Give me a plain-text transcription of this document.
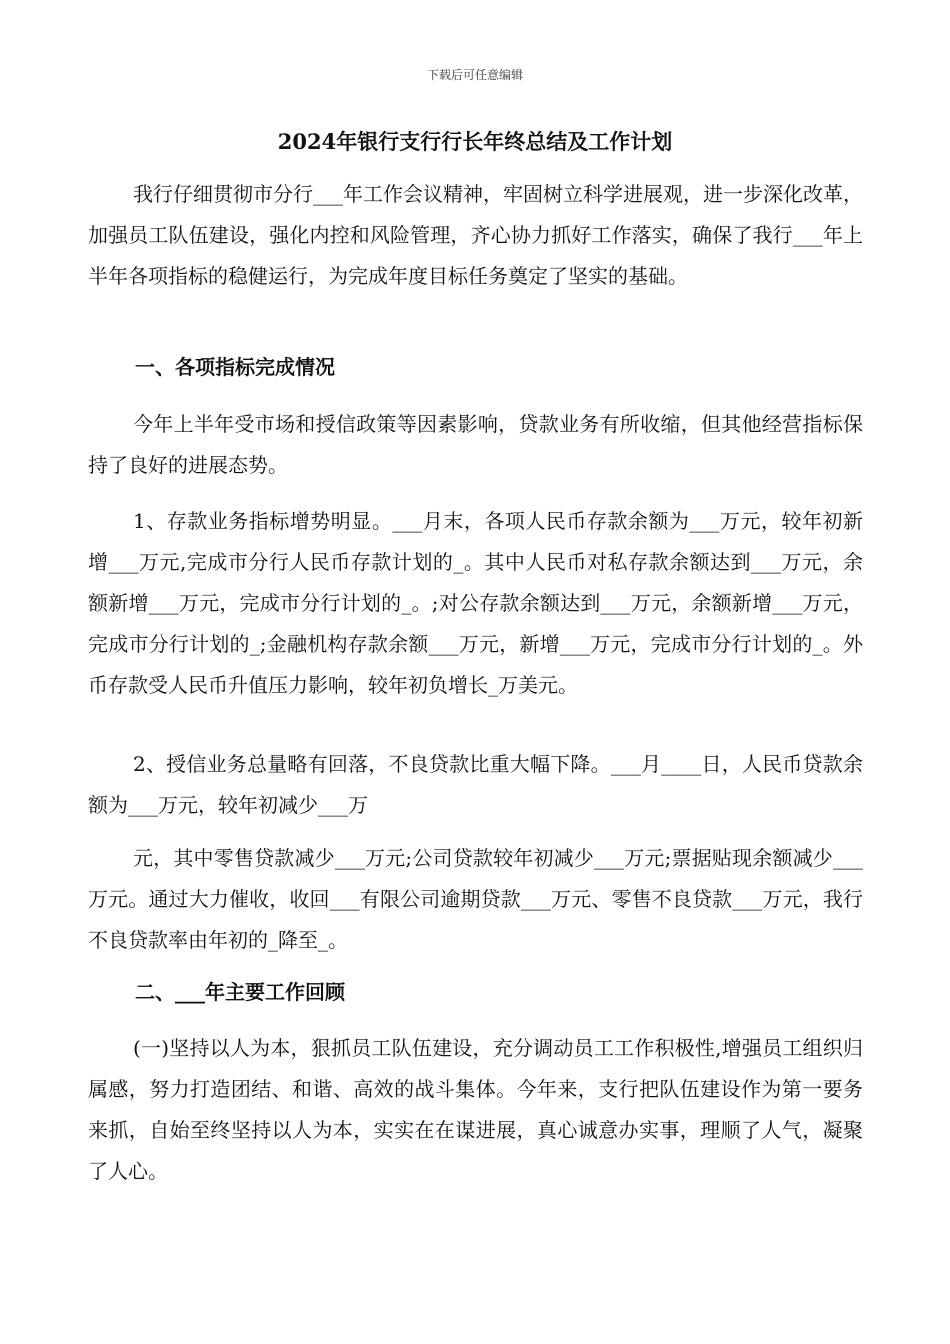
下载后可任意编辑
2024年银行支行行长年终总结及工作计划
我行仔细贯彻市分行___年工作会议精神，牢固树立科学进展观，进一步深化改革，加强员工队伍建设，强化内控和风险管理，齐心协力抓好工作落实，确保了我行___年上半年各项指标的稳健运行，为完成年度目标任务奠定了坚实的基础。
一、各项指标完成情况
今年上半年受市场和授信政策等因素影响，贷款业务有所收缩，但其他经营指标保持了良好的进展态势。
1、存款业务指标增势明显。___月末，各项人民币存款余额为___万元，较年初新增___万元,完成市分行人民币存款计划的_。其中人民币对私存款余额达到___万元，余额新增___万元，完成市分行计划的_。;对公存款余额达到___万元，余额新增___万元，完成市分行计划的_;金融机构存款余额___万元，新增___万元，完成市分行计划的_。外币存款受人民币升值压力影响，较年初负增长_万美元。
2、授信业务总量略有回落，不良贷款比重大幅下降。___月____日，人民币贷款余额为___万元，较年初减少___万
元，其中零售贷款减少___万元;公司贷款较年初减少___万元;票据贴现余额减少___万元。通过大力催收，收回___有限公司逾期贷款___万元、零售不良贷款___万元，我行不良贷款率由年初的_降至_。
二、___年主要工作回顾
(一)坚持以人为本，狠抓员工队伍建设，充分调动员工工作积极性,增强员工组织归属感，努力打造团结、和谐、高效的战斗集体。今年来，支行把队伍建设作为第一要务来抓，自始至终坚持以人为本，实实在在谋进展，真心诚意办实事，理顺了人气，凝聚了人心。
